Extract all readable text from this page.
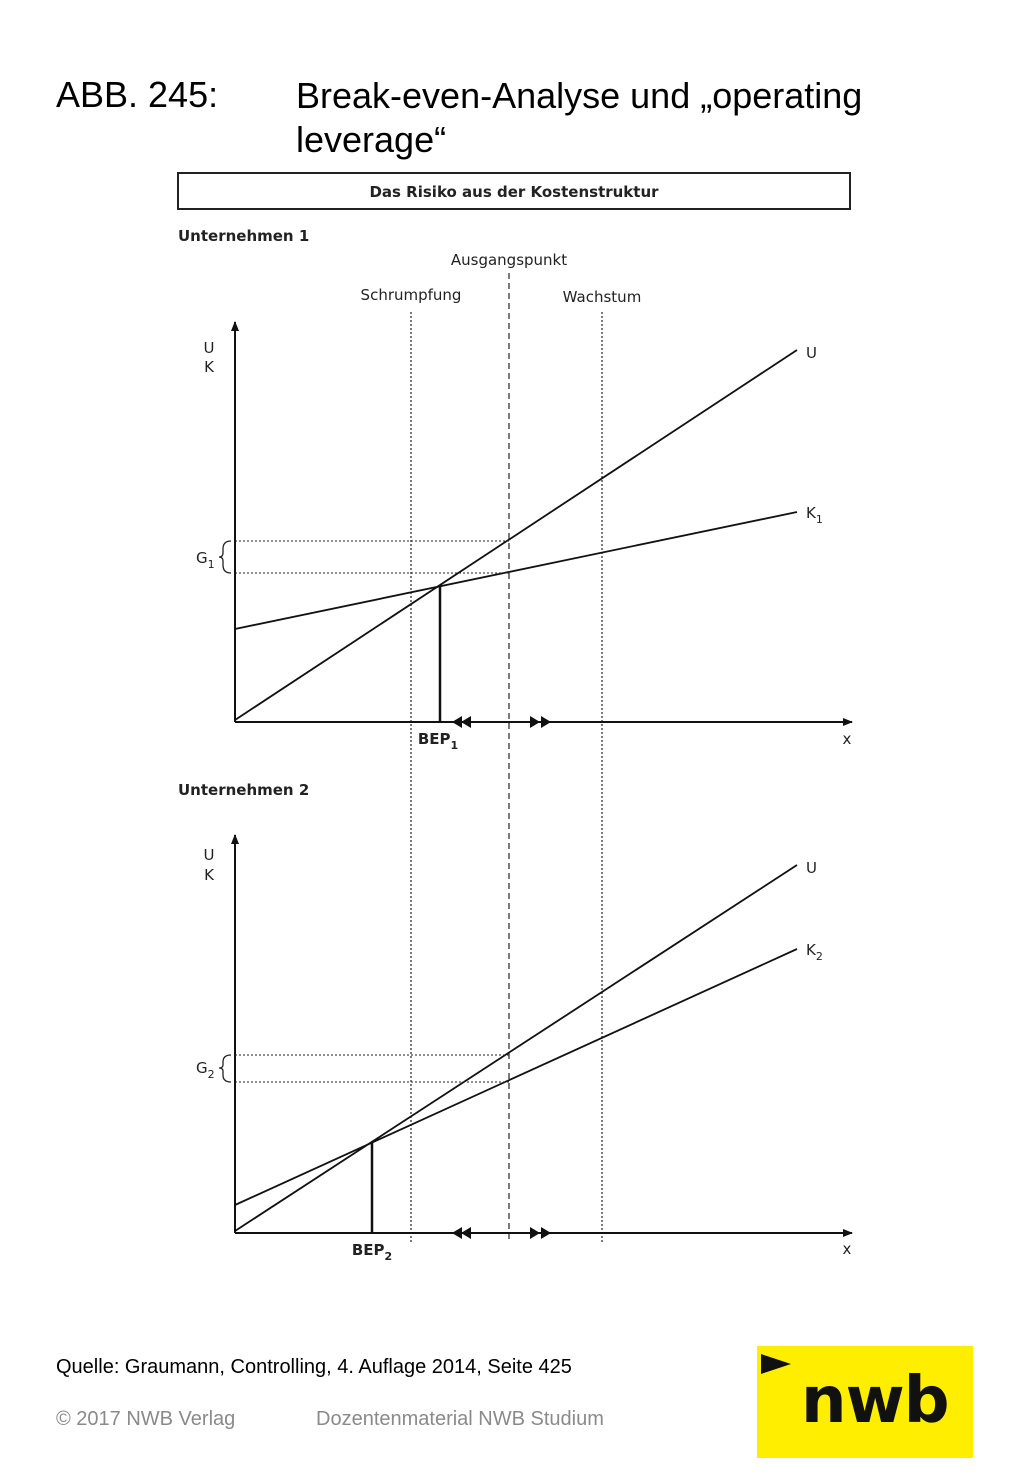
ABB. 245: Break-even-Analyse und „operating leverage“
Das Risiko aus der Kostenstruktur
Ausgangspunkt
Schrumpfung	Wachstum
Unternehmen 1
U
K
x
U
$K_1$
$G_1$
$BEP_1$
Unternehmen 2
U
K
x
U
$K_2$
$G_2$
$BEP_2$
Quelle: Graumann, Controlling, 4. Auflage 2014, Seite 425
© 2017 NWB Verlag	Dozentenmaterial NWB Studium	nwb
